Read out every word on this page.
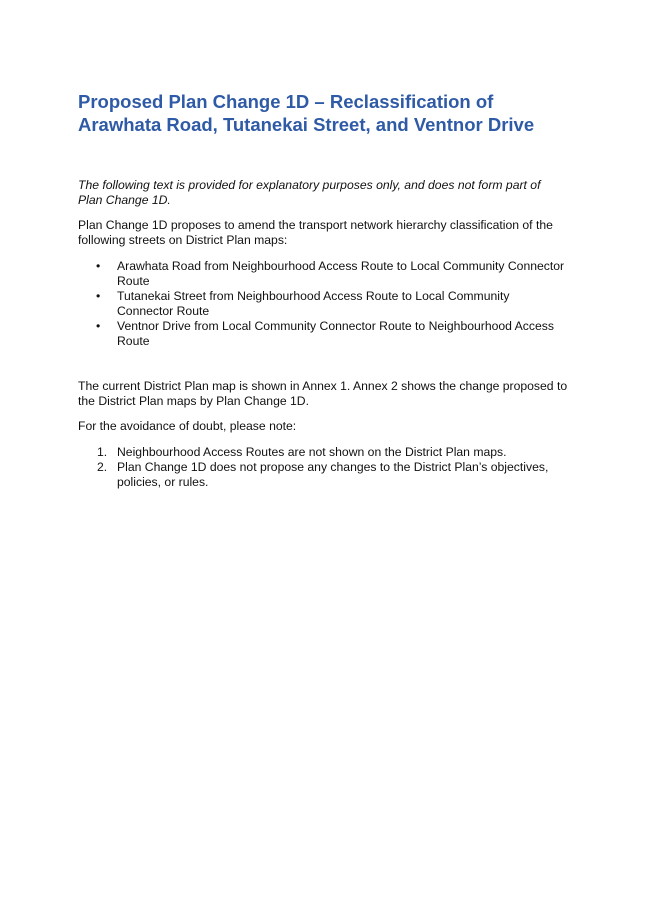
Proposed Plan Change 1D – Reclassification of Arawhata Road, Tutanekai Street, and Ventnor Drive

The following text is provided for explanatory purposes only, and does not form part of Plan Change 1D.

Plan Change 1D proposes to amend the transport network hierarchy classification of the following streets on District Plan maps:

• Arawhata Road from Neighbourhood Access Route to Local Community Connector Route
• Tutanekai Street from Neighbourhood Access Route to Local Community Connector Route
• Ventnor Drive from Local Community Connector Route to Neighbourhood Access Route

The current District Plan map is shown in Annex 1. Annex 2 shows the change proposed to the District Plan maps by Plan Change 1D.

For the avoidance of doubt, please note:

1. Neighbourhood Access Routes are not shown on the District Plan maps.
2. Plan Change 1D does not propose any changes to the District Plan’s objectives, policies, or rules.
